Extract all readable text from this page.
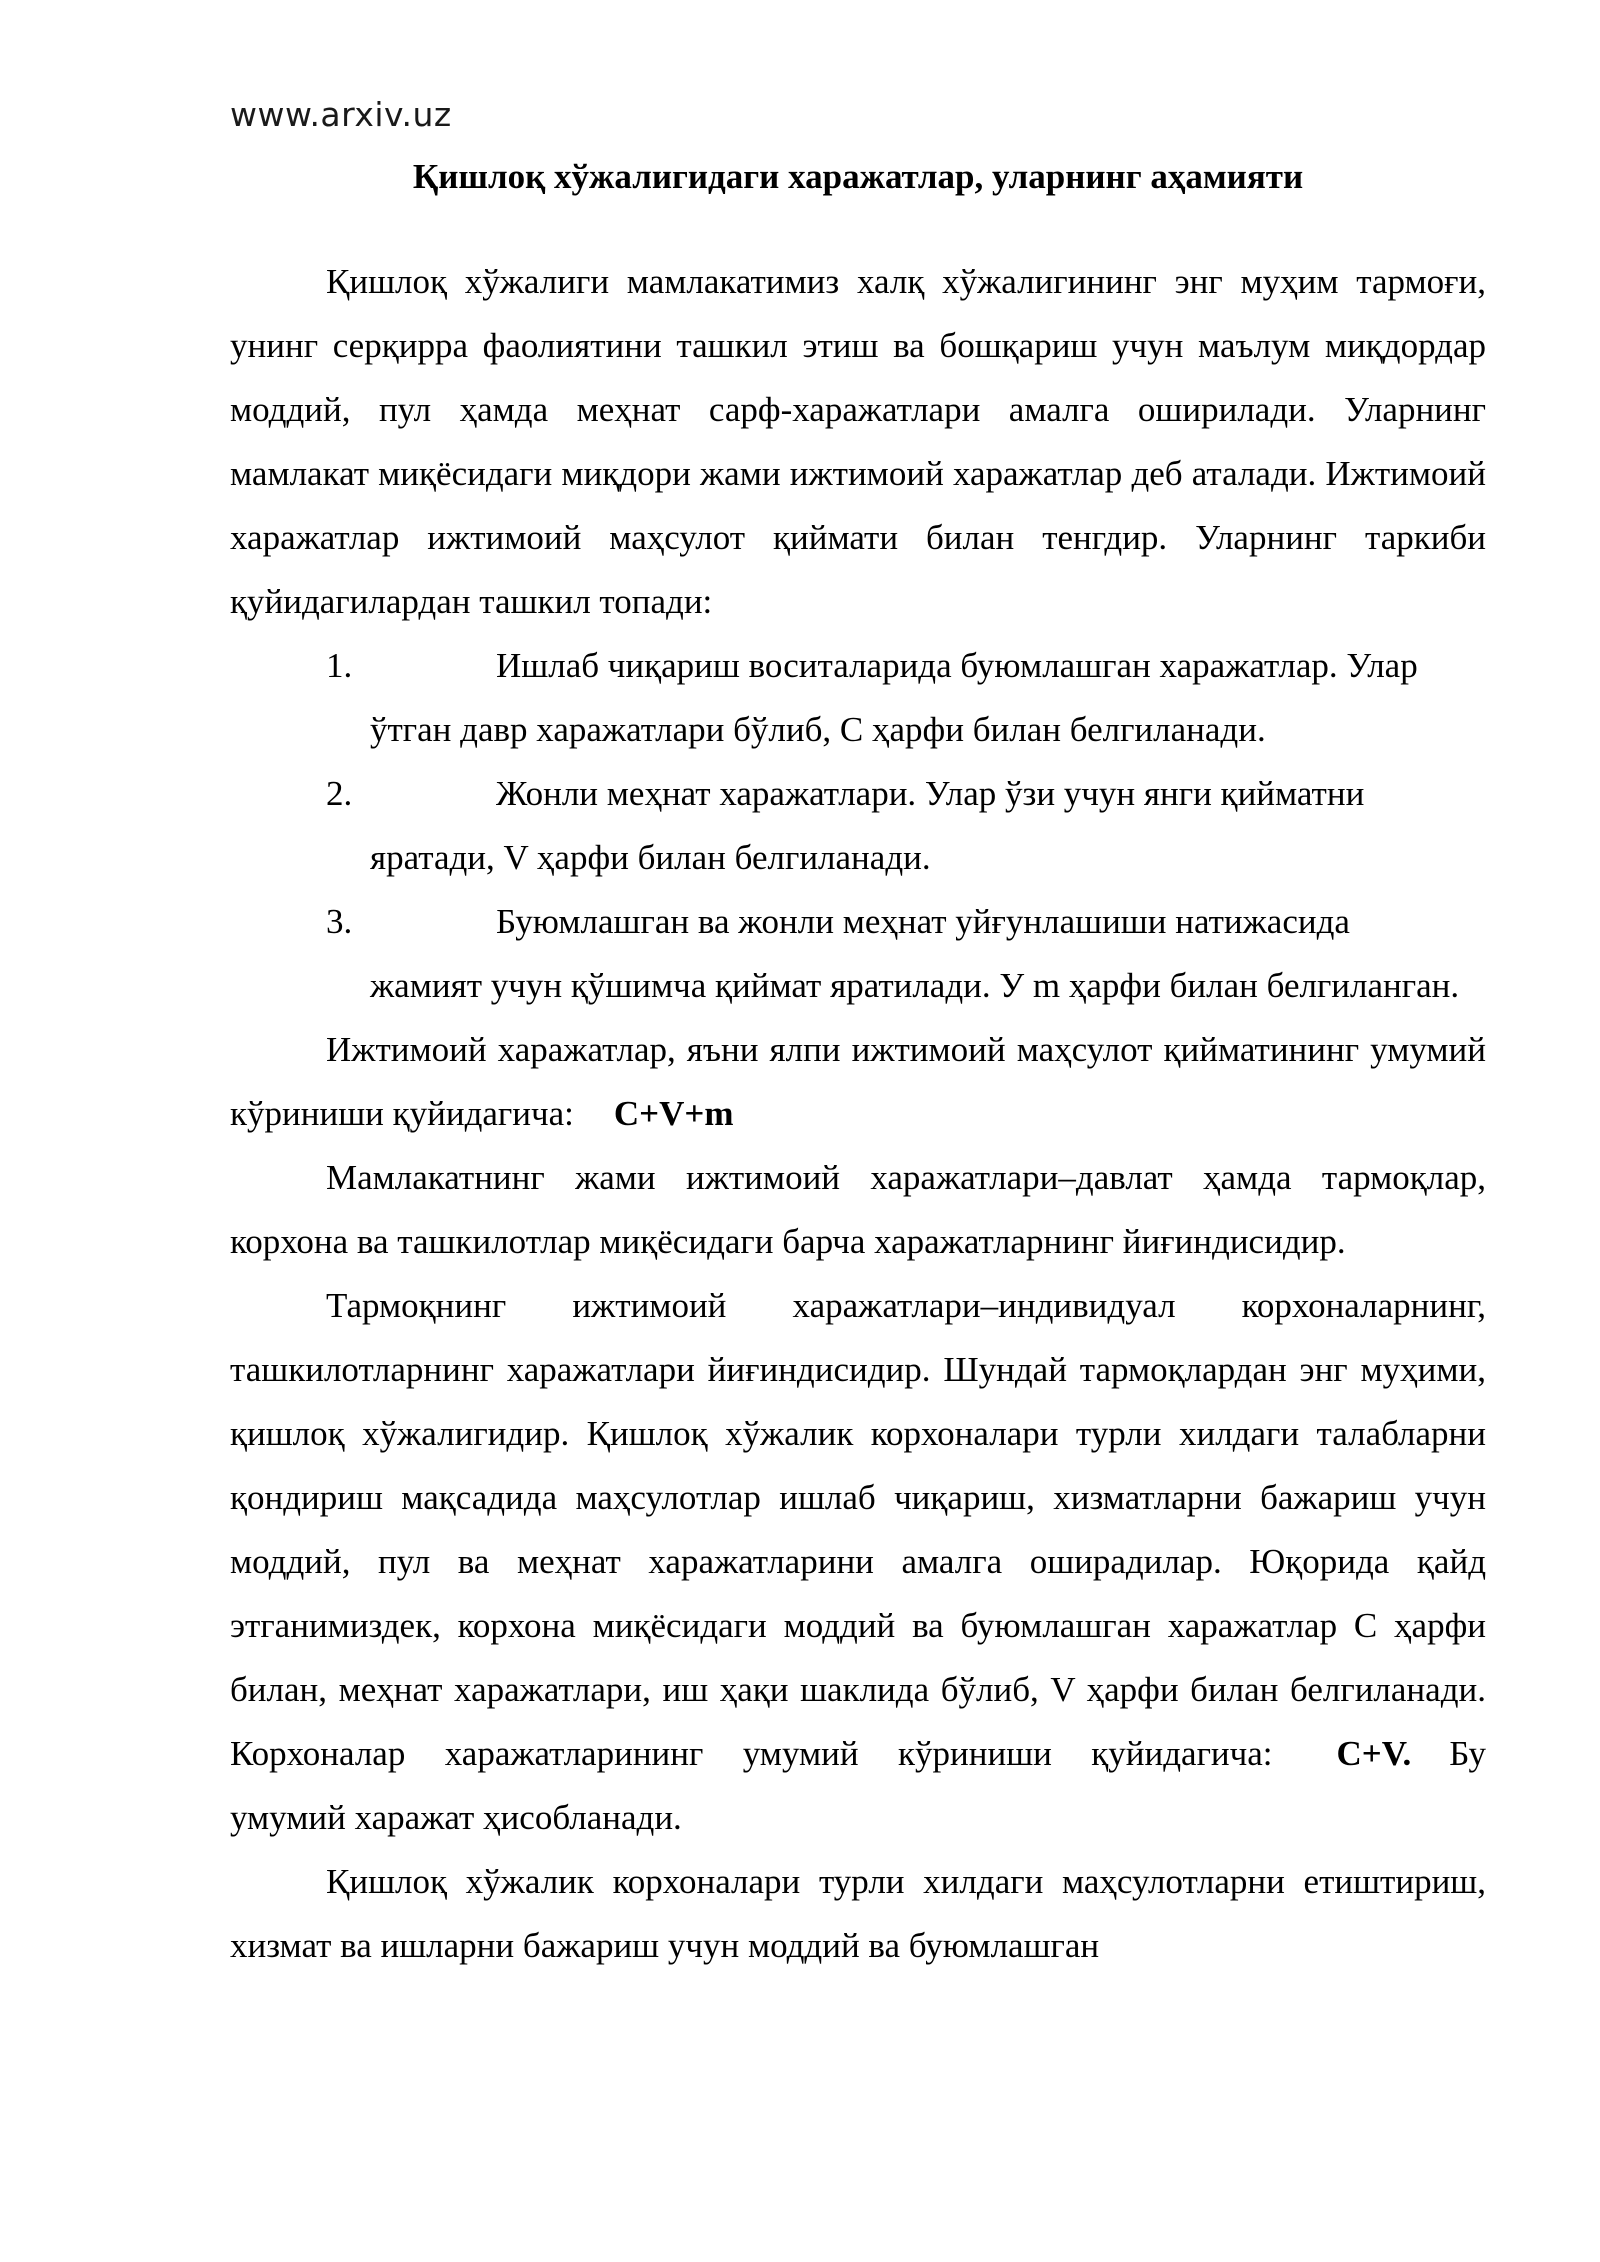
www.arxiv.uz
Қишлоқ хўжалигидаги харажатлар, уларнинг аҳамияти

Қишлоқ хўжалиги мамлакатимиз халқ хўжалигининг энг муҳим тармоғи, унинг серқирра фаолиятини ташкил этиш ва бошқариш учун маълум миқдордар моддий, пул ҳамда меҳнат сарф-харажатлари амалга оширилади. Уларнинг мамлакат миқёсидаги миқдори жами ижтимоий харажатлар деб аталади. Ижтимоий харажатлар ижтимоий маҳсулот қиймати билан тенгдир. Уларнинг таркиби қуйидагилардан ташкил топади:

1.	Ишлаб чиқариш воситаларида буюмлашган харажатлар. Улар
ўтган давр харажатлари бўлиб, С ҳарфи билан белгиланади.
2.	Жонли меҳнат харажатлари. Улар ўзи учун янги қийматни
яратади, V ҳарфи билан белгиланади.
3.	Буюмлашган ва жонли меҳнат уйғунлашиши натижасида
жамият учун қўшимча қиймат яратилади. У m ҳарфи билан белгиланган.

Ижтимоий харажатлар, яъни ялпи ижтимоий маҳсулот қийматининг умумий кўриниши қуйидагича: C+V+m

Мамлакатнинг жами ижтимоий харажатлари–давлат ҳамда тармоқлар, корхона ва ташкилотлар миқёсидаги барча харажатларнинг йиғиндисидир.

Тармоқнинг ижтимоий харажатлари–индивидуал корхоналарнинг, ташкилотларнинг харажатлари йиғиндисидир. Шундай тармоқлардан энг муҳими, қишлоқ хўжалигидир. Қишлоқ хўжалик корхоналари турли хилдаги талабларни қондириш мақсадида маҳсулотлар ишлаб чиқариш, хизматларни бажариш учун моддий, пул ва меҳнат харажатларини амалга оширадилар. Юқорида қайд этганимиздек, корхона миқёсидаги моддий ва буюмлашган харажатлар С ҳарфи билан, меҳнат харажатлари, иш ҳақи шаклида бўлиб, V ҳарфи билан белгиланади. Корхоналар харажатларининг умумий кўриниши қуйидагича: C+V. Бу умумий харажат ҳисобланади.

Қишлоқ хўжалик корхоналари турли хилдаги маҳсулотларни етиштириш, хизмат ва ишларни бажариш учун моддий ва буюмлашган
